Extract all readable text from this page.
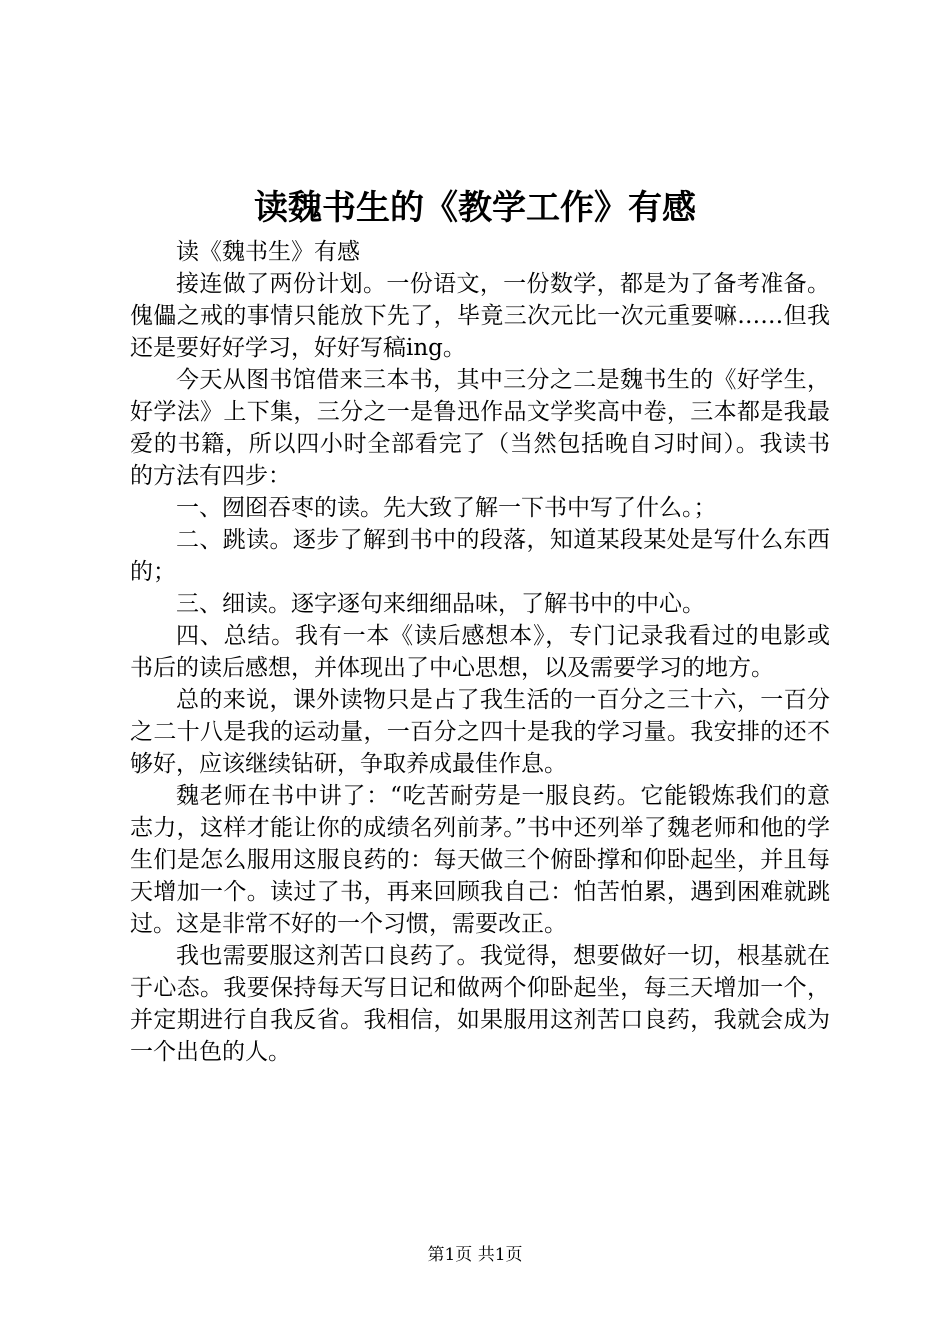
读魏书生的《教学工作》有感

读《魏书生》有感

接连做了两份计划。一份语文，一份数学，都是为了备考准备。傀儡之戒的事情只能放下先了，毕竟三次元比一次元重要嘛……但我还是要好好学习，好好写稿ing。

今天从图书馆借来三本书，其中三分之二是魏书生的《好学生，好学法》上下集，三分之一是鲁迅作品文学奖高中卷，三本都是我最爱的书籍，所以四小时全部看完了（当然包括晚自习时间）。我读书的方法有四步：

一、囫囵吞枣的读。先大致了解一下书中写了什么。；

二、跳读。逐步了解到书中的段落，知道某段某处是写什么东西的；

三、细读。逐字逐句来细细品味，了解书中的中心。

四、总结。我有一本《读后感想本》，专门记录我看过的电影或书后的读后感想，并体现出了中心思想，以及需要学习的地方。

总的来说，课外读物只是占了我生活的一百分之三十六，一百分之二十八是我的运动量，一百分之四十是我的学习量。我安排的还不够好，应该继续钻研，争取养成最佳作息。

魏老师在书中讲了：“吃苦耐劳是一服良药。它能锻炼我们的意志力，这样才能让你的成绩名列前茅。”书中还列举了魏老师和他的学生们是怎么服用这服良药的：每天做三个俯卧撑和仰卧起坐，并且每天增加一个。读过了书，再来回顾我自己：怕苦怕累，遇到困难就跳过。这是非常不好的一个习惯，需要改正。

我也需要服这剂苦口良药了。我觉得，想要做好一切，根基就在于心态。我要保持每天写日记和做两个仰卧起坐，每三天增加一个，并定期进行自我反省。我相信，如果服用这剂苦口良药，我就会成为一个出色的人。

第1页 共1页
